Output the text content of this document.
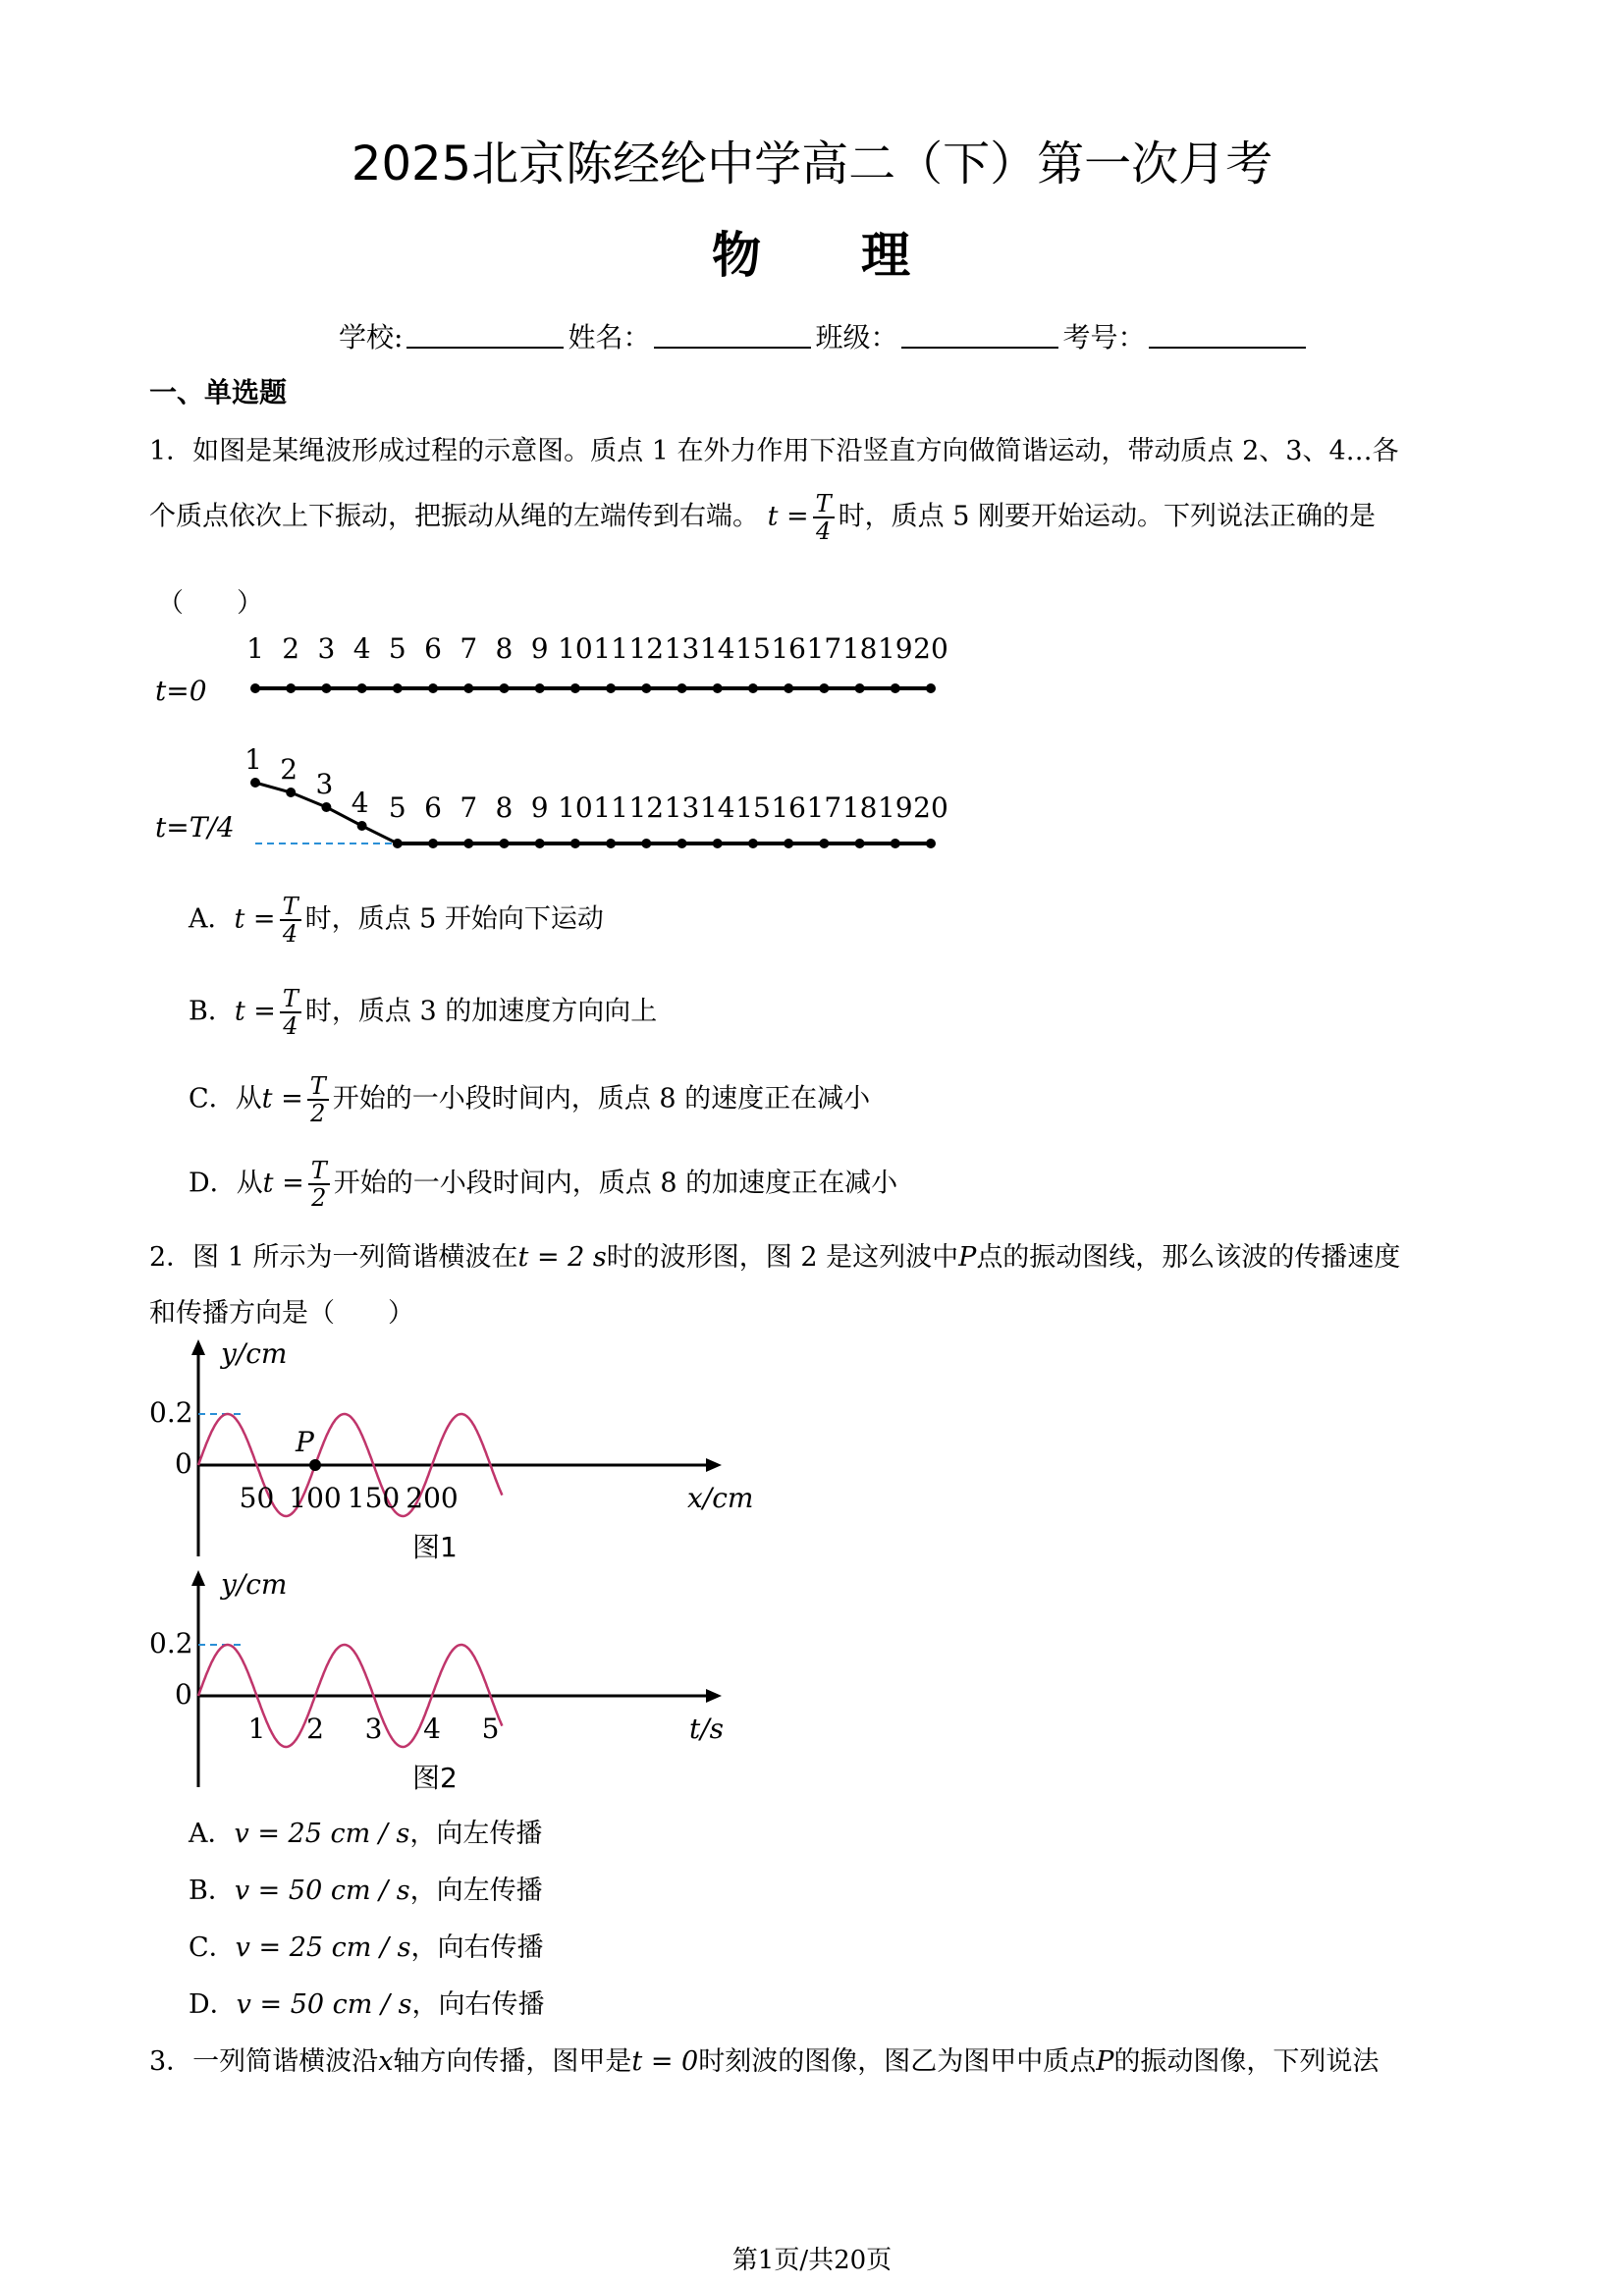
2025北京陈经纶中学高二（下）第一次月考
物 理
学校:	姓名：	班级：	考号：
一、单选题
1．如图是某绳波形成过程的示意图。质点 1 在外力作用下沿竖直方向做简谐运动，带动质点 2、3、4…各
个质点依次上下振动，把振动从绳的左端传到右端。 $t = \frac{T}{4}$ 时，质点 5 刚要开始运动。下列说法正确的是
（　　）
1 2 3 4 5 6 7 8 9 10 11 12 13 14 15 16 17 18 19 20
t=0
1 2 3
4 5 6 7 8 9 10 11 12 13 14 15 16 17 18 19 20
t=T/4
A．$t = \frac{T}{4}$ 时，质点 5 开始向下运动
B．$t = \frac{T}{4}$ 时，质点 3 的加速度方向向上
C．从$t = \frac{T}{2}$ 开始的一小段时间内，质点 8 的速度正在减小
D．从$t = \frac{T}{2}$ 开始的一小段时间内，质点 8 的加速度正在减小
2．图 1 所示为一列简谐横波在t = 2 s时的波形图，图 2 是这列波中P点的振动图线，那么该波的传播速度
和传播方向是（　　）
y/cm
x/cm
0.2
0
50 100 150 200
P
图1
y/cm
t/s
0.2
0
1 2 3 4 5
图2
A．v = 25 cm / s，向左传播
B．v = 50 cm / s，向左传播
C．v = 25 cm / s，向右传播
D．v = 50 cm / s，向右传播
3．一列简谐横波沿x轴方向传播，图甲是t = 0时刻波的图像，图乙为图甲中质点P的振动图像，下列说法
第1页/共20页
